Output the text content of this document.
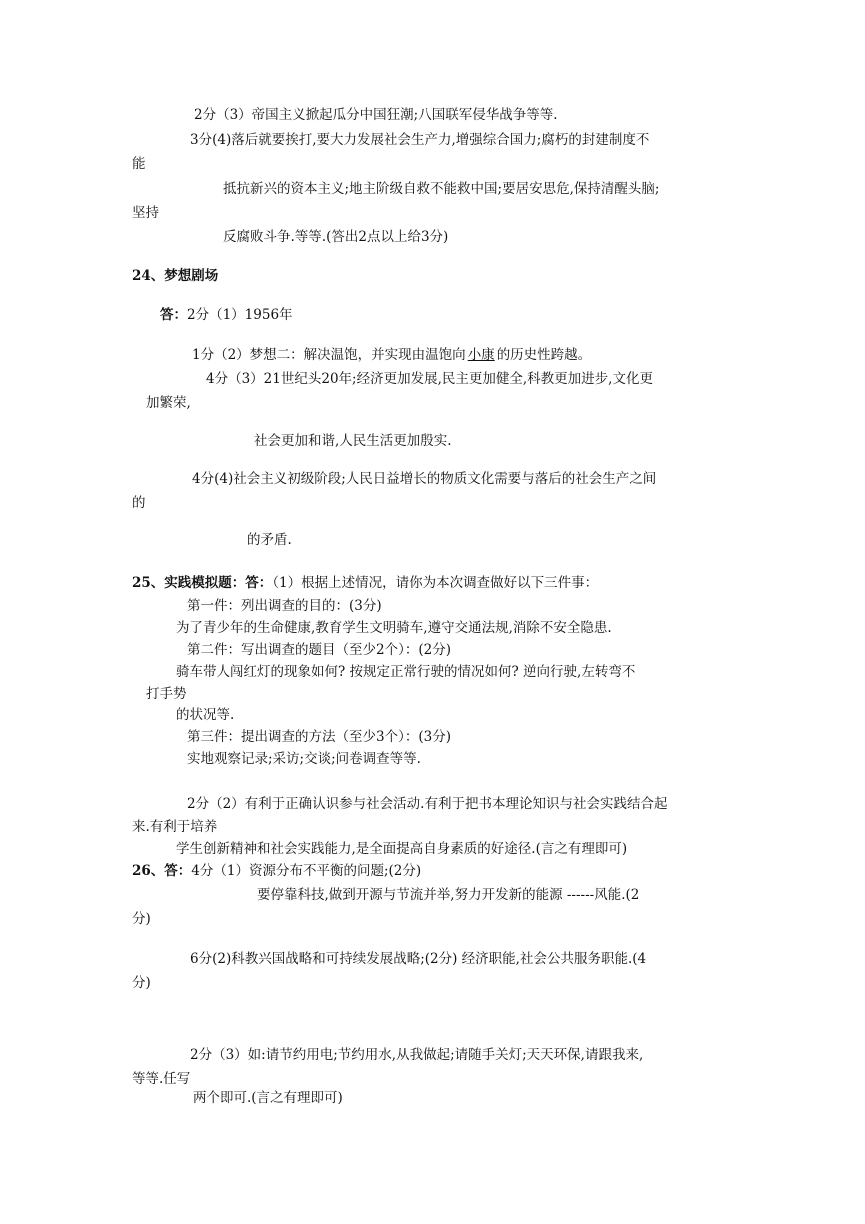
2分（3）帝国主义掀起瓜分中国狂潮;八国联军侵华战争等等.
3分(4)落后就要挨打,要大力发展社会生产力,增强综合国力;腐朽的封建制度不
能
抵抗新兴的资本主义;地主阶级自救不能救中国;要居安思危,保持清醒头脑;
坚持
反腐败斗争.等等.(答出2点以上给3分)
24、梦想剧场
答：2分（1）1956年
1分（2）梦想二：解决温饱，并实现由温饱向 小康 的历史性跨越。
4分（3）21世纪头20年;经济更加发展,民主更加健全,科教更加进步,文化更
加繁荣,
社会更加和谐,人民生活更加殷实.
4分(4)社会主义初级阶段;人民日益增长的物质文化需要与落后的社会生产之间
的
的矛盾.
25、实践模拟题：答：（1）根据上述情况，请你为本次调查做好以下三件事：
第一件：列出调查的目的：(3分)
为了青少年的生命健康,教育学生文明骑车,遵守交通法规,消除不安全隐患.
第二件：写出调查的题目（至少2个）：(2分)
骑车带人闯红灯的现象如何? 按规定正常行驶的情况如何? 逆向行驶,左转弯不
打手势
的状况等.
第三件：提出调查的方法（至少3个）：(3分)
实地观察记录;采访;交谈;问卷调查等等.
2分（2）有利于正确认识参与社会活动.有利于把书本理论知识与社会实践结合起
来.有利于培养
学生创新精神和社会实践能力,是全面提高自身素质的好途径.(言之有理即可)
26、答：4分（1）资源分布不平衡的问题;(2分)
要停靠科技,做到开源与节流并举,努力开发新的能源 ------风能.(2
分)
6分(2)科教兴国战略和可持续发展战略;(2分) 经济职能,社会公共服务职能.(4
分)
2分（3）如:请节约用电;节约用水,从我做起;请随手关灯;天天环保,请跟我来,
等等.任写
两个即可.(言之有理即可)
